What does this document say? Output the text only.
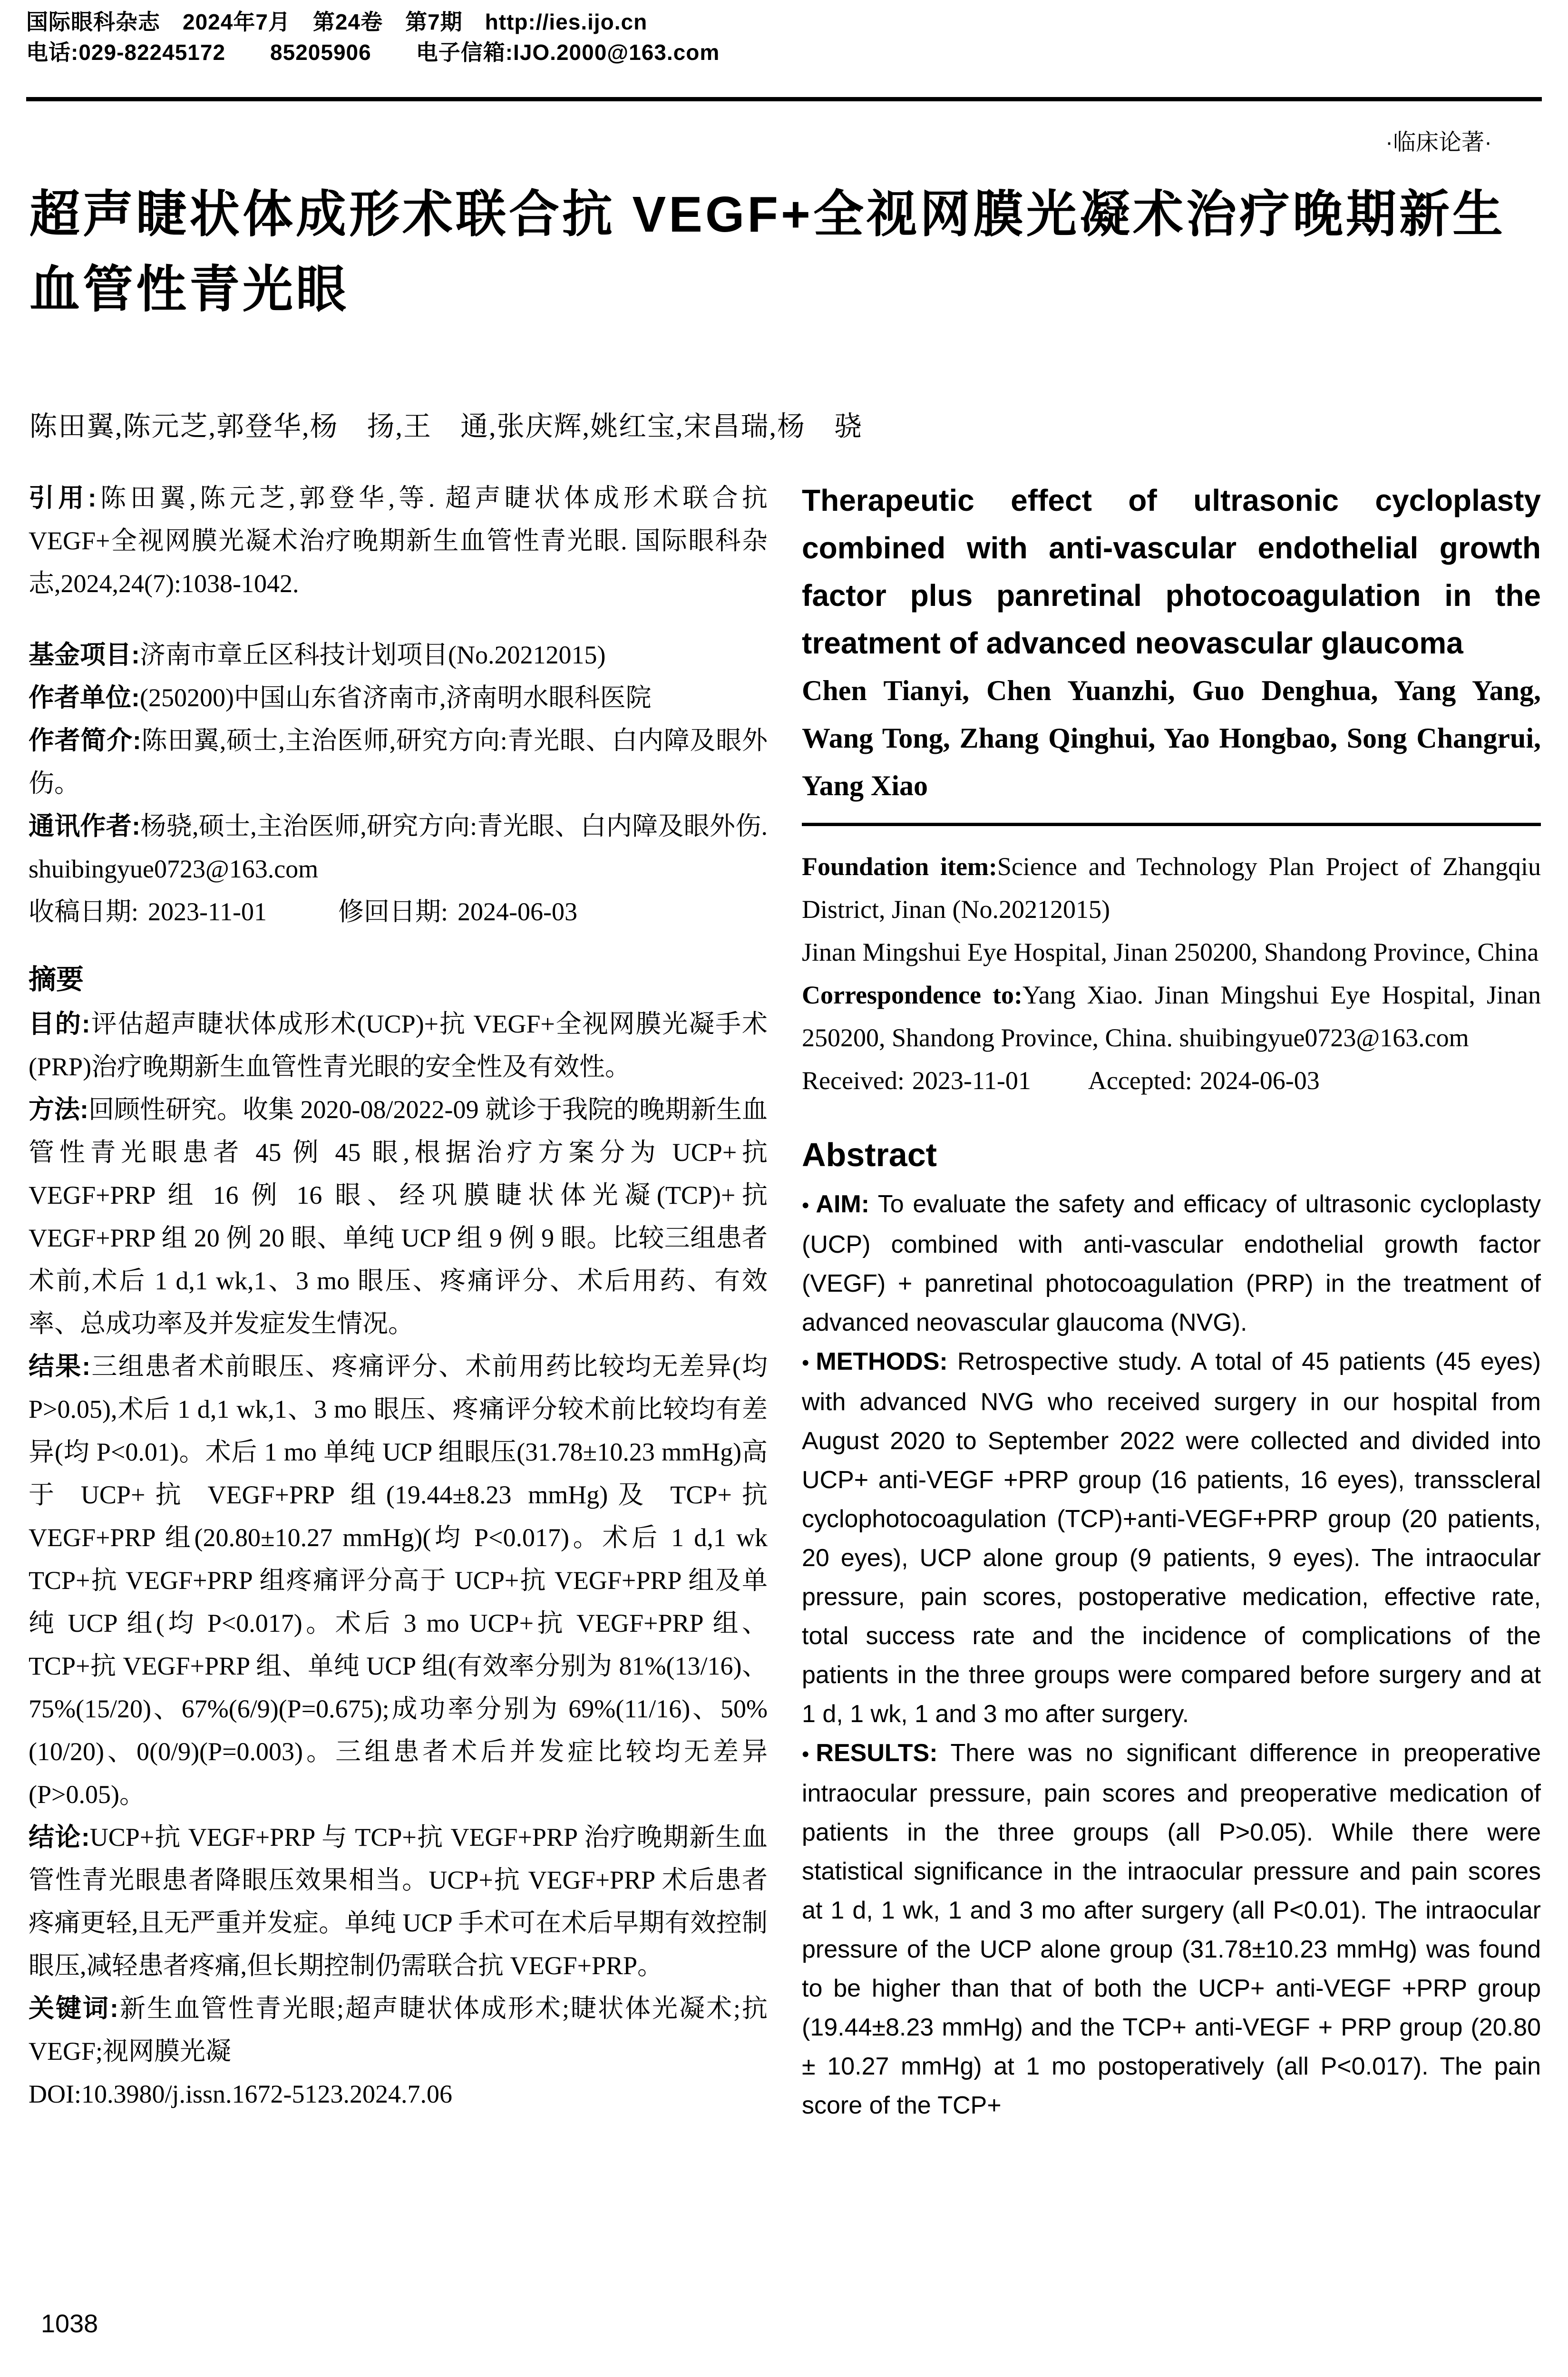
国际眼科杂志　2024年7月　第24卷　第7期　http://ies.ijo.cn
电话:029-82245172　　85205906　　电子信箱:IJO.2000@163.com
·临床论著·
超声睫状体成形术联合抗 VEGF+全视网膜光凝术治疗晚期新生血管性青光眼
陈田翼,陈元芝,郭登华,杨　扬,王　通,张庆辉,姚红宝,宋昌瑞,杨　骁

引用:陈田翼,陈元芝,郭登华,等. 超声睫状体成形术联合抗 VEGF+全视网膜光凝术治疗晚期新生血管性青光眼. 国际眼科杂志,2024,24(7):1038-1042.

基金项目:济南市章丘区科技计划项目(No.20212015)

作者单位:(250200)中国山东省济南市,济南明水眼科医院

作者简介:陈田翼,硕士,主治医师,研究方向:青光眼、白内障及眼外伤。

通讯作者:杨骁,硕士,主治医师,研究方向:青光眼、白内障及眼外伤. shuibingyue0723@163.com

收稿日期: 2023-11-01	修回日期: 2024-06-03

摘要

目的:评估超声睫状体成形术(UCP)+抗 VEGF+全视网膜光凝手术(PRP)治疗晚期新生血管性青光眼的安全性及有效性。

方法:回顾性研究。收集 2020-08/2022-09 就诊于我院的晚期新生血管性青光眼患者 45 例 45 眼,根据治疗方案分为 UCP+抗 VEGF+PRP 组 16 例 16 眼、经巩膜睫状体光凝(TCP)+抗 VEGF+PRP 组 20 例 20 眼、单纯 UCP 组 9 例 9 眼。比较三组患者术前,术后 1 d,1 wk,1、3 mo 眼压、疼痛评分、术后用药、有效率、总成功率及并发症发生情况。

结果:三组患者术前眼压、疼痛评分、术前用药比较均无差异(均 P>0.05),术后 1 d,1 wk,1、3 mo 眼压、疼痛评分较术前比较均有差异(均 P<0.01)。术后 1 mo 单纯 UCP 组眼压(31.78±10.23 mmHg)高于 UCP+抗 VEGF+PRP 组(19.44±8.23 mmHg)及 TCP+抗 VEGF+PRP 组(20.80±10.27 mmHg)(均 P<0.017)。术后 1 d,1 wk TCP+抗 VEGF+PRP 组疼痛评分高于 UCP+抗 VEGF+PRP 组及单纯 UCP 组(均 P<0.017)。术后 3 mo UCP+抗 VEGF+PRP 组、TCP+抗 VEGF+PRP 组、单纯 UCP 组(有效率分别为 81%(13/16)、75%(15/20)、67%(6/9)(P=0.675);成功率分别为 69%(11/16)、50%(10/20)、0(0/9)(P=0.003)。三组患者术后并发症比较均无差异(P>0.05)。

结论:UCP+抗 VEGF+PRP 与 TCP+抗 VEGF+PRP 治疗晚期新生血管性青光眼患者降眼压效果相当。UCP+抗 VEGF+PRP 术后患者疼痛更轻,且无严重并发症。单纯 UCP 手术可在术后早期有效控制眼压,减轻患者疼痛,但长期控制仍需联合抗 VEGF+PRP。

关键词:新生血管性青光眼;超声睫状体成形术;睫状体光凝术;抗 VEGF;视网膜光凝

DOI:10.3980/j.issn.1672-5123.2024.7.06

Therapeutic effect of ultrasonic cycloplasty combined with anti-vascular endothelial growth factor plus panretinal photocoagulation in the treatment of advanced neovascular glaucoma

Chen Tianyi, Chen Yuanzhi, Guo Denghua, Yang Yang, Wang Tong, Zhang Qinghui, Yao Hongbao, Song Changrui, Yang Xiao

Foundation item:Science and Technology Plan Project of Zhangqiu District, Jinan (No.20212015)

Jinan Mingshui Eye Hospital, Jinan 250200, Shandong Province, China

Correspondence to:Yang Xiao. Jinan Mingshui Eye Hospital, Jinan 250200, Shandong Province, China. shuibingyue0723@163.com

Received: 2023-11-01 Accepted: 2024-06-03

Abstract

• AIM: To evaluate the safety and efficacy of ultrasonic cycloplasty (UCP) combined with anti-vascular endothelial growth factor (VEGF) + panretinal photocoagulation (PRP) in the treatment of advanced neovascular glaucoma (NVG).

• METHODS: Retrospective study. A total of 45 patients (45 eyes) with advanced NVG who received surgery in our hospital from August 2020 to September 2022 were collected and divided into UCP+ anti-VEGF +PRP group (16 patients, 16 eyes), transscleral cyclophotocoagulation (TCP)+anti-VEGF+PRP group (20 patients, 20 eyes), UCP alone group (9 patients, 9 eyes). The intraocular pressure, pain scores, postoperative medication, effective rate, total success rate and the incidence of complications of the patients in the three groups were compared before surgery and at 1 d, 1 wk, 1 and 3 mo after surgery.

• RESULTS: There was no significant difference in preoperative intraocular pressure, pain scores and preoperative medication of patients in the three groups (all P>0.05). While there were statistical significance in the intraocular pressure and pain scores at 1 d, 1 wk, 1 and 3 mo after surgery (all P<0.01). The intraocular pressure of the UCP alone group (31.78±10.23 mmHg) was found to be higher than that of both the UCP+ anti-VEGF +PRP group (19.44±8.23 mmHg) and the TCP+ anti-VEGF + PRP group (20.80 ± 10.27 mmHg) at 1 mo postoperatively (all P<0.017). The pain score of the TCP+

1038
